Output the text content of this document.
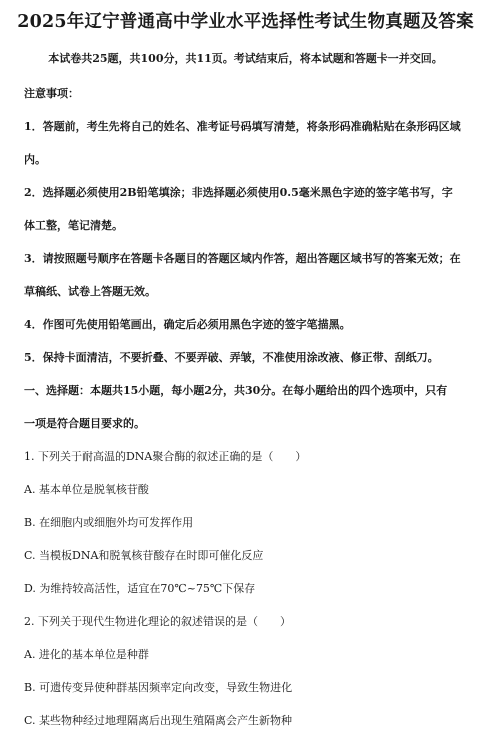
2025年辽宁普通高中学业水平选择性考试生物真题及答案
本试卷共25题，共100分，共11页。考试结束后，将本试题和答题卡一并交回。
注意事项：
1．答题前，考生先将自己的姓名、准考证号码填写清楚，将条形码准确粘贴在条形码区域
内。
2．选择题必须使用2B铅笔填涂；非选择题必须使用0.5毫米黑色字迹的签字笔书写，字
体工整，笔记清楚。
3．请按照题号顺序在答题卡各题目的答题区域内作答，超出答题区域书写的答案无效；在
草稿纸、试卷上答题无效。
4．作图可先使用铅笔画出，确定后必须用黑色字迹的签字笔描黑。
5．保持卡面清洁，不要折叠、不要弄破、弄皱，不准使用涂改液、修正带、刮纸刀。
一、选择题：本题共15小题，每小题2分，共30分。在每小题给出的四个选项中，只有
一项是符合题目要求的。
1. 下列关于耐高温的DNA聚合酶的叙述正确的是（　　）
A. 基本单位是脱氧核苷酸
B. 在细胞内或细胞外均可发挥作用
C. 当模板DNA和脱氧核苷酸存在时即可催化反应
D. 为维持较高活性，适宜在70℃~75℃下保存
2. 下列关于现代生物进化理论的叙述错误的是（　　）
A. 进化的基本单位是种群
B. 可遗传变异使种群基因频率定向改变，导致生物进化
C. 某些物种经过地理隔离后出现生殖隔离会产生新物种
